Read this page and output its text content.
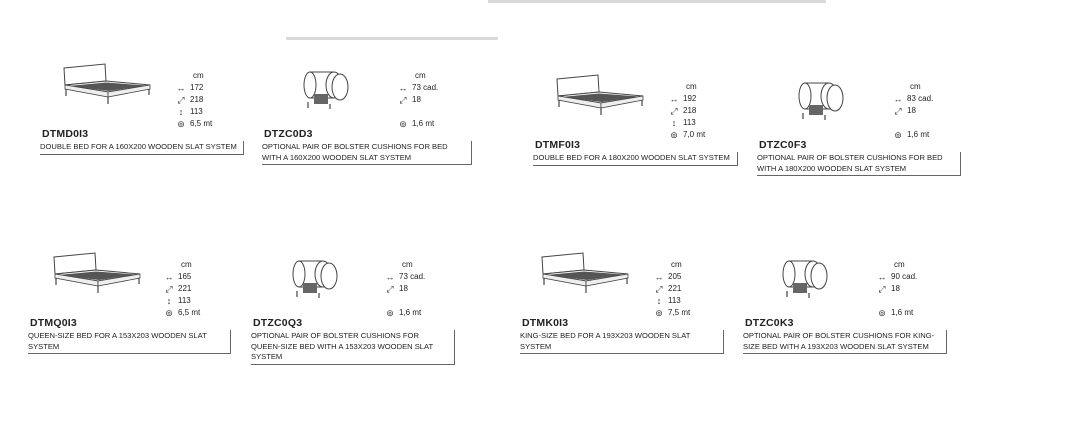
cm
↔ 172
⤢ 218
↕ 113
⊚ 6,5 mt
DTMD0I3
DOUBLE BED FOR A 160X200 WOODEN SLAT SYSTEM
cm
↔ 73 cad.
⤢ 18
⊚ 1,6 mt
DTZC0D3
OPTIONAL PAIR OF BOLSTER CUSHIONS FOR BED WITH A 160X200 WOODEN SLAT SYSTEM
cm
↔ 192
⤢ 218
↕ 113
⊚ 7,0 mt
DTMF0I3
DOUBLE BED FOR A 180X200 WOODEN SLAT SYSTEM
cm
↔ 83 cad.
⤢ 18
⊚ 1,6 mt
DTZC0F3
OPTIONAL PAIR OF BOLSTER CUSHIONS FOR BED WITH A 180X200 WOODEN SLAT SYSTEM
cm
↔ 165
⤢ 221
↕ 113
⊚ 6,5 mt
DTMQ0I3
QUEEN-SIZE BED FOR A 153X203 WOODEN SLAT SYSTEM
cm
↔ 73 cad.
⤢ 18
⊚ 1,6 mt
DTZC0Q3
OPTIONAL PAIR OF BOLSTER CUSHIONS FOR QUEEN-SIZE BED WITH A 153X203 WOODEN SLAT SYSTEM
cm
↔ 205
⤢ 221
↕ 113
⊚ 7,5 mt
DTMK0I3
KING-SIZE BED FOR A 193X203 WOODEN SLAT SYSTEM
cm
↔ 90 cad.
⤢ 18
⊚ 1,6 mt
DTZC0K3
OPTIONAL PAIR OF BOLSTER CUSHIONS FOR KING-SIZE BED WITH A 193X203 WOODEN SLAT SYSTEM
